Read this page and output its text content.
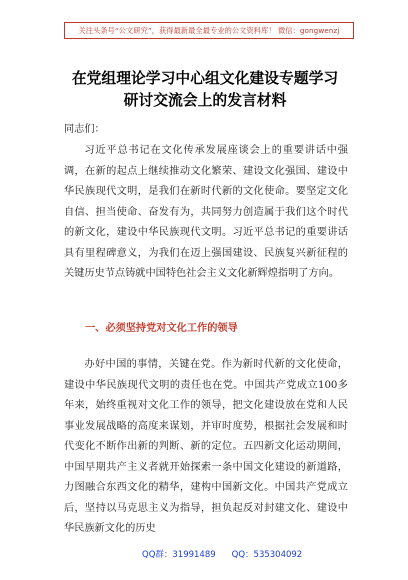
关注头条号“公文研究”，获得最新最全最专业的公文资料库！ 微信：gongwenzj
在党组理论学习中心组文化建设专题学习
研讨交流会上的发言材料
同志们：

习近平总书记在文化传承发展座谈会上的重要讲话中强调，在新的起点上继续推动文化繁荣、建设文化强国、建设中华民族现代文明，是我们在新时代新的文化使命。要坚定文化自信、担当使命、奋发有为，共同努力创造属于我们这个时代的新文化，建设中华民族现代文明。习近平总书记的重要讲话具有里程碑意义，为我们在迈上强国建设、民族复兴新征程的关键历史节点铸就中国特色社会主义文化新辉煌指明了方向。

一、必须坚持党对文化工作的领导

办好中国的事情，关键在党。作为新时代新的文化使命，建设中华民族现代文明的责任也在党。中国共产党成立100多年来，始终重视对文化工作的领导，把文化建设放在党和人民事业发展战略的高度来谋划，并审时度势，根据社会发展和时代变化不断作出新的判断、新的定位。五四新文化运动期间，中国早期共产主义者就开始探索一条中国文化建设的新道路，力图融合东西文化的精华，建构中国新文化。中国共产党成立后，坚持以马克思主义为指导，担负起反对封建文化、建设中华民族新文化的历史

QQ群：31991489 QQ：535304092
